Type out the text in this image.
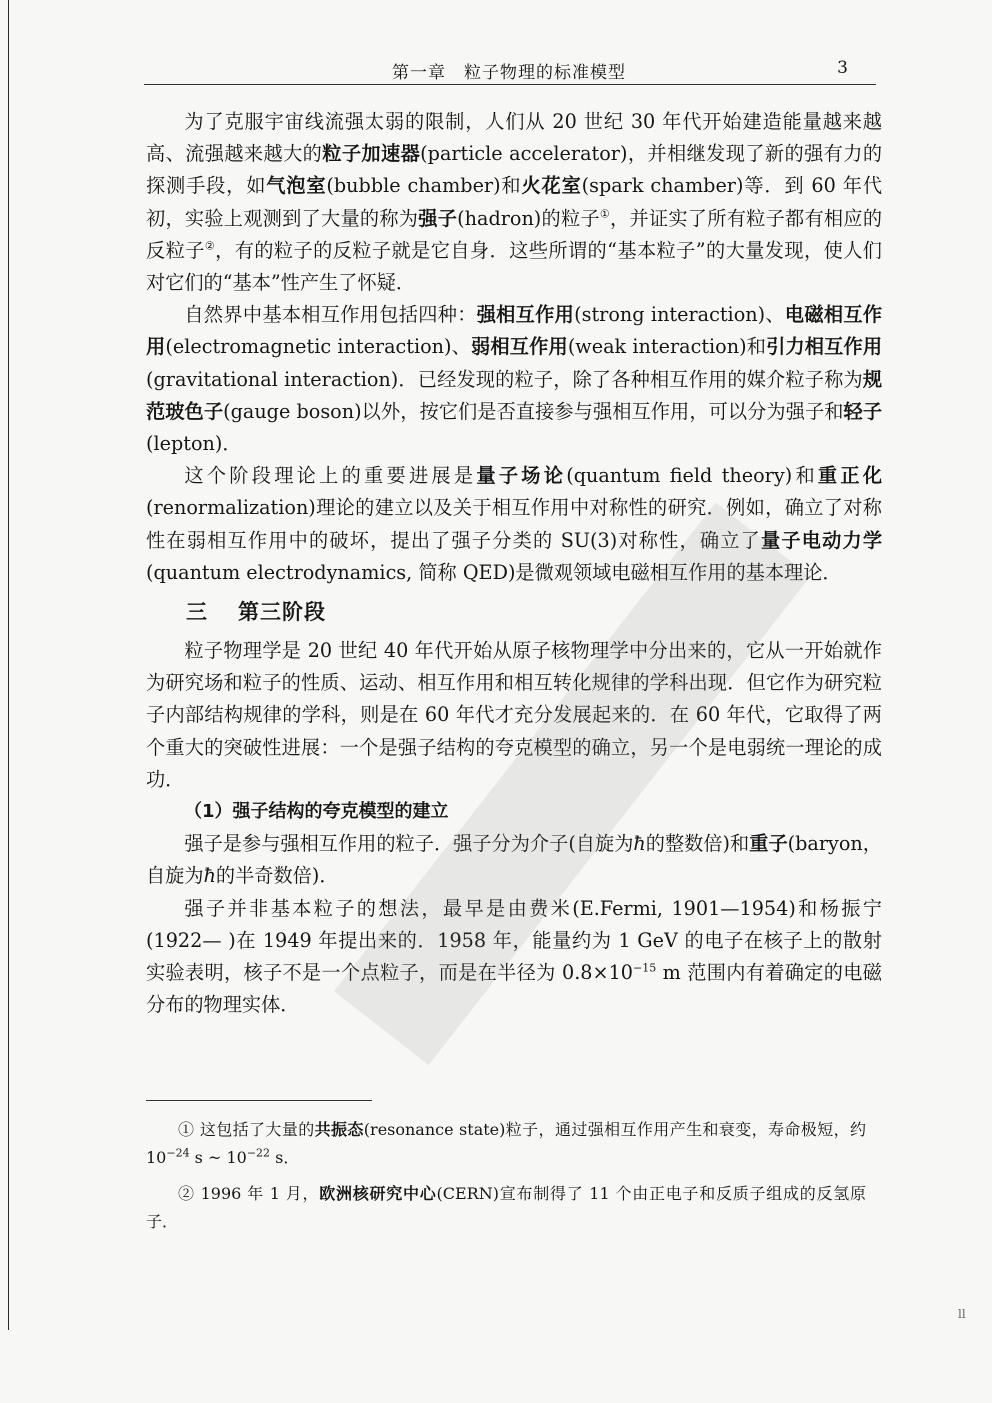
第一章　粒子物理的标准模型	3

为了克服宇宙线流强太弱的限制，人们从 20 世纪 30 年代开始建造能量越来越高、流强越来越大的粒子加速器(particle accelerator)，并相继发现了新的强有力的探测手段，如气泡室(bubble chamber)和火花室(spark chamber)等．到 60 年代初，实验上观测到了大量的称为强子(hadron)的粒子①，并证实了所有粒子都有相应的反粒子②，有的粒子的反粒子就是它自身．这些所谓的“基本粒子”的大量发现，使人们对它们的“基本”性产生了怀疑．

自然界中基本相互作用包括四种：强相互作用(strong interaction)、电磁相互作用(electromagnetic interaction)、弱相互作用(weak interaction)和引力相互作用(gravitational interaction)．已经发现的粒子，除了各种相互作用的媒介粒子称为规范玻色子(gauge boson)以外，按它们是否直接参与强相互作用，可以分为强子和轻子(lepton)．

这个阶段理论上的重要进展是量子场论(quantum field theory)和重正化(renormalization)理论的建立以及关于相互作用中对称性的研究．例如，确立了对称性在弱相互作用中的破坏，提出了强子分类的 SU(3)对称性，确立了量子电动力学(quantum electrodynamics, 简称 QED)是微观领域电磁相互作用的基本理论．

三 第三阶段

粒子物理学是 20 世纪 40 年代开始从原子核物理学中分出来的，它从一开始就作为研究场和粒子的性质、运动、相互作用和相互转化规律的学科出现．但它作为研究粒子内部结构规律的学科，则是在 60 年代才充分发展起来的．在 60 年代，它取得了两个重大的突破性进展：一个是强子结构的夸克模型的确立，另一个是电弱统一理论的成功．

（1）强子结构的夸克模型的建立

强子是参与强相互作用的粒子．强子分为介子(自旋为ħ的整数倍)和重子(baryon，自旋为ħ的半奇数倍)．

强子并非基本粒子的想法，最早是由费米(E.Fermi, 1901—1954)和杨振宁(1922— )在 1949 年提出来的．1958 年，能量约为 1 GeV 的电子在核子上的散射实验表明，核子不是一个点粒子，而是在半径为 $0.8\times 10^{-15}$ m 范围内有着确定的电磁分布的物理实体．

① 这包括了大量的共振态(resonance state)粒子，通过强相互作用产生和衰变，寿命极短，约 $10^{-24}$ s ~ $10^{-22}$ s．

② 1996 年 1 月，欧洲核研究中心(CERN)宣布制得了 11 个由正电子和反质子组成的反氢原子．

ll
